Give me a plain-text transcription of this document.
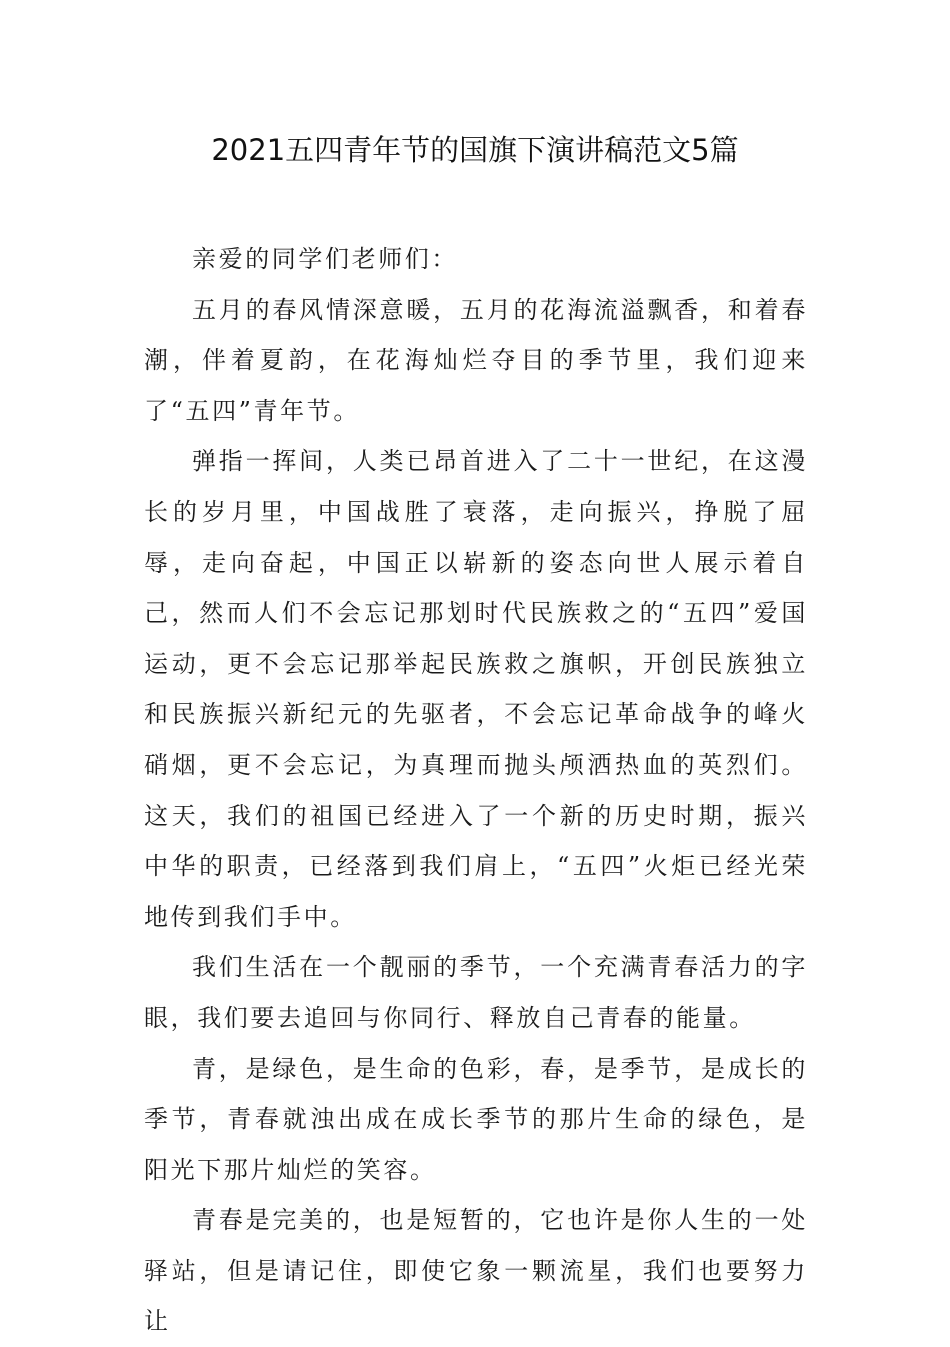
2021五四青年节的国旗下演讲稿范文5篇

亲爱的同学们老师们：

五月的春风情深意暖，五月的花海流溢飘香，和着春潮，伴着夏韵，在花海灿烂夺目的季节里，我们迎来了“五四”青年节。

弹指一挥间，人类已昂首进入了二十一世纪，在这漫长的岁月里，中国战胜了衰落，走向振兴，挣脱了屈辱，走向奋起，中国正以崭新的姿态向世人展示着自己，然而人们不会忘记那划时代民族救之的“五四”爱国运动，更不会忘记那举起民族救之旗帜，开创民族独立和民族振兴新纪元的先驱者，不会忘记革命战争的峰火硝烟，更不会忘记，为真理而抛头颅洒热血的英烈们。这天，我们的祖国已经进入了一个新的历史时期，振兴中华的职责，已经落到我们肩上，“五四”火炬已经光荣地传到我们手中。

我们生活在一个靓丽的季节，一个充满青春活力的字眼，我们要去追回与你同行、释放自己青春的能量。

青，是绿色，是生命的色彩，春，是季节，是成长的季节，青春就浊出成在成长季节的那片生命的绿色，是阳光下那片灿烂的笑容。

青春是完美的，也是短暂的，它也许是你人生的一处驿站，但是请记住，即使它象一颗流星，我们也要努力让
